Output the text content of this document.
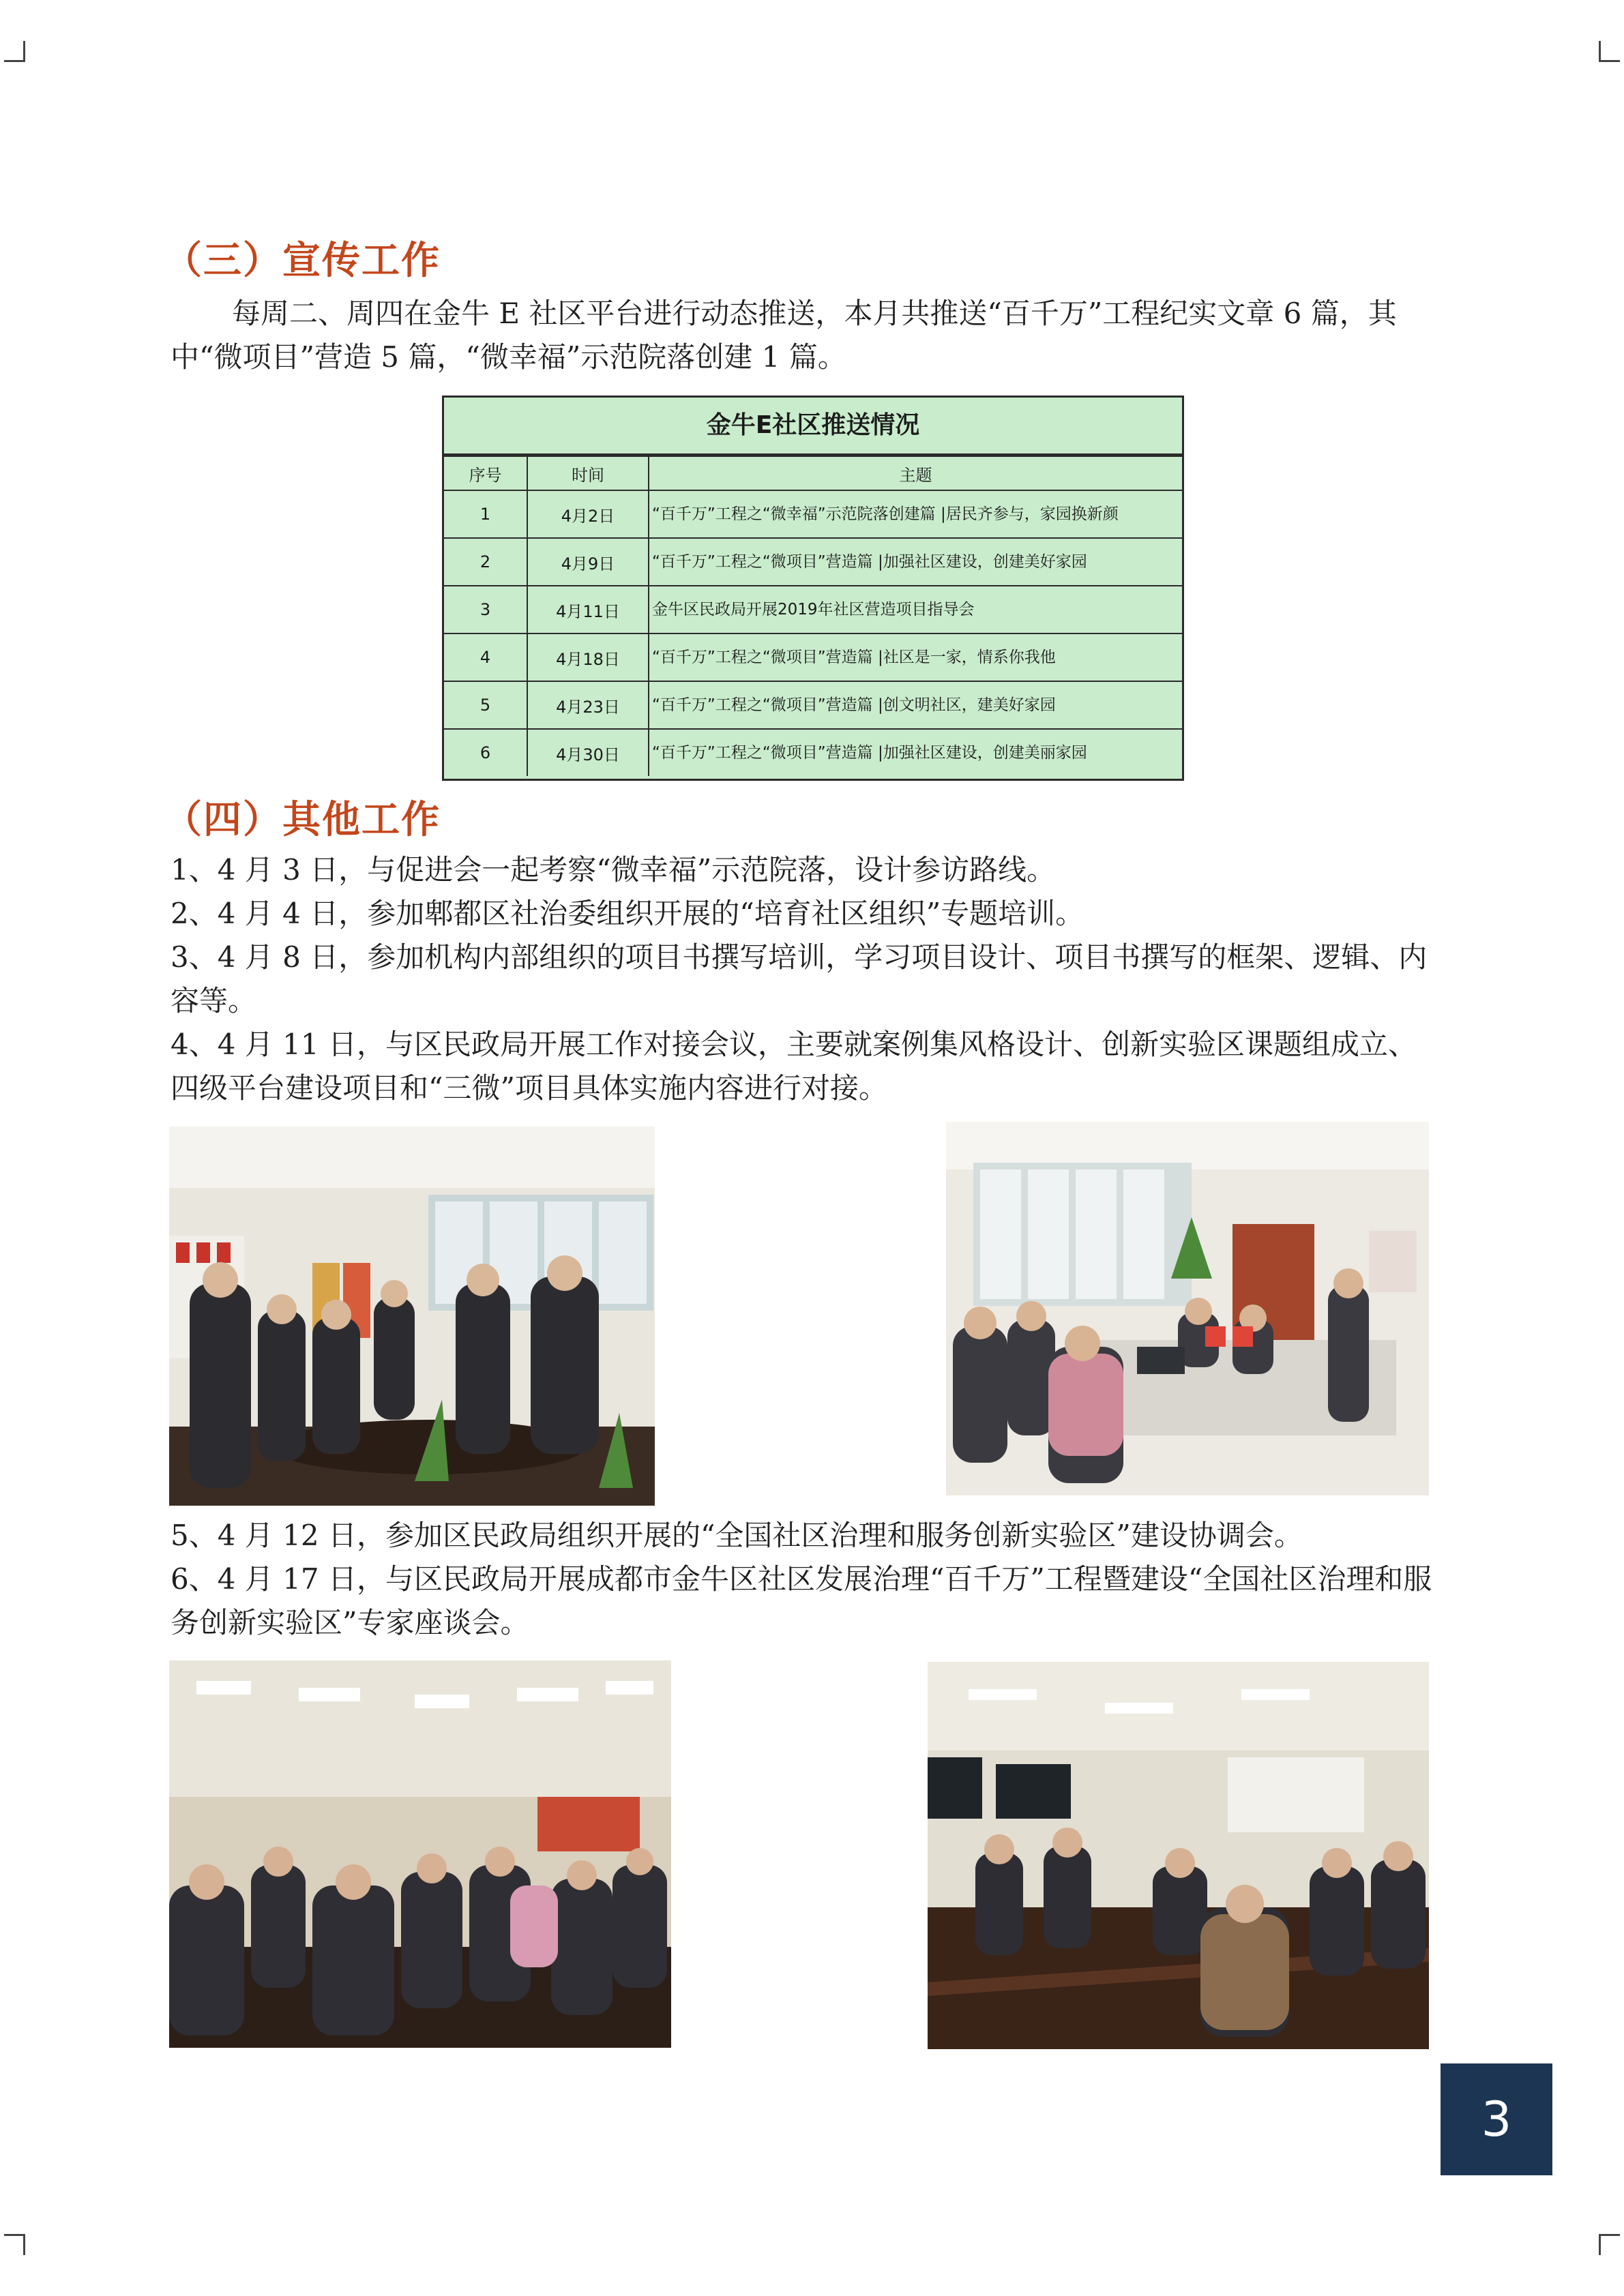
（三）宣传工作

每周二、周四在金牛 E 社区平台进行动态推送，本月共推送“百千万”工程纪实文章 6 篇，其中“微项目”营造 5 篇，“微幸福”示范院落创建 1 篇。

金牛E社区推送情况
序号	时间	主题
1	4月2日	“百千万”工程之“微幸福”示范院落创建篇 |居民齐参与，家园换新颜
2	4月9日	“百千万”工程之“微项目”营造篇 |加强社区建设，创建美好家园
3	4月11日	金牛区民政局开展2019年社区营造项目指导会
4	4月18日	“百千万”工程之“微项目”营造篇 |社区是一家，情系你我他
5	4月23日	“百千万”工程之“微项目”营造篇 |创文明社区，建美好家园
6	4月30日	“百千万”工程之“微项目”营造篇 |加强社区建设，创建美丽家园
（四）其他工作

1、4 月 3 日，与促进会一起考察“微幸福”示范院落，设计参访路线。

2、4 月 4 日，参加郫都区社治委组织开展的“培育社区组织”专题培训。

3、4 月 8 日，参加机构内部组织的项目书撰写培训，学习项目设计、项目书撰写的框架、逻辑、内容等。

4、4 月 11 日，与区民政局开展工作对接会议，主要就案例集风格设计、创新实验区课题组成立、四级平台建设项目和“三微”项目具体实施内容进行对接。

5、4 月 12 日，参加区民政局组织开展的“全国社区治理和服务创新实验区”建设协调会。

6、4 月 17 日，与区民政局开展成都市金牛区社区发展治理“百千万”工程暨建设“全国社区治理和服务创新实验区”专家座谈会。

3
